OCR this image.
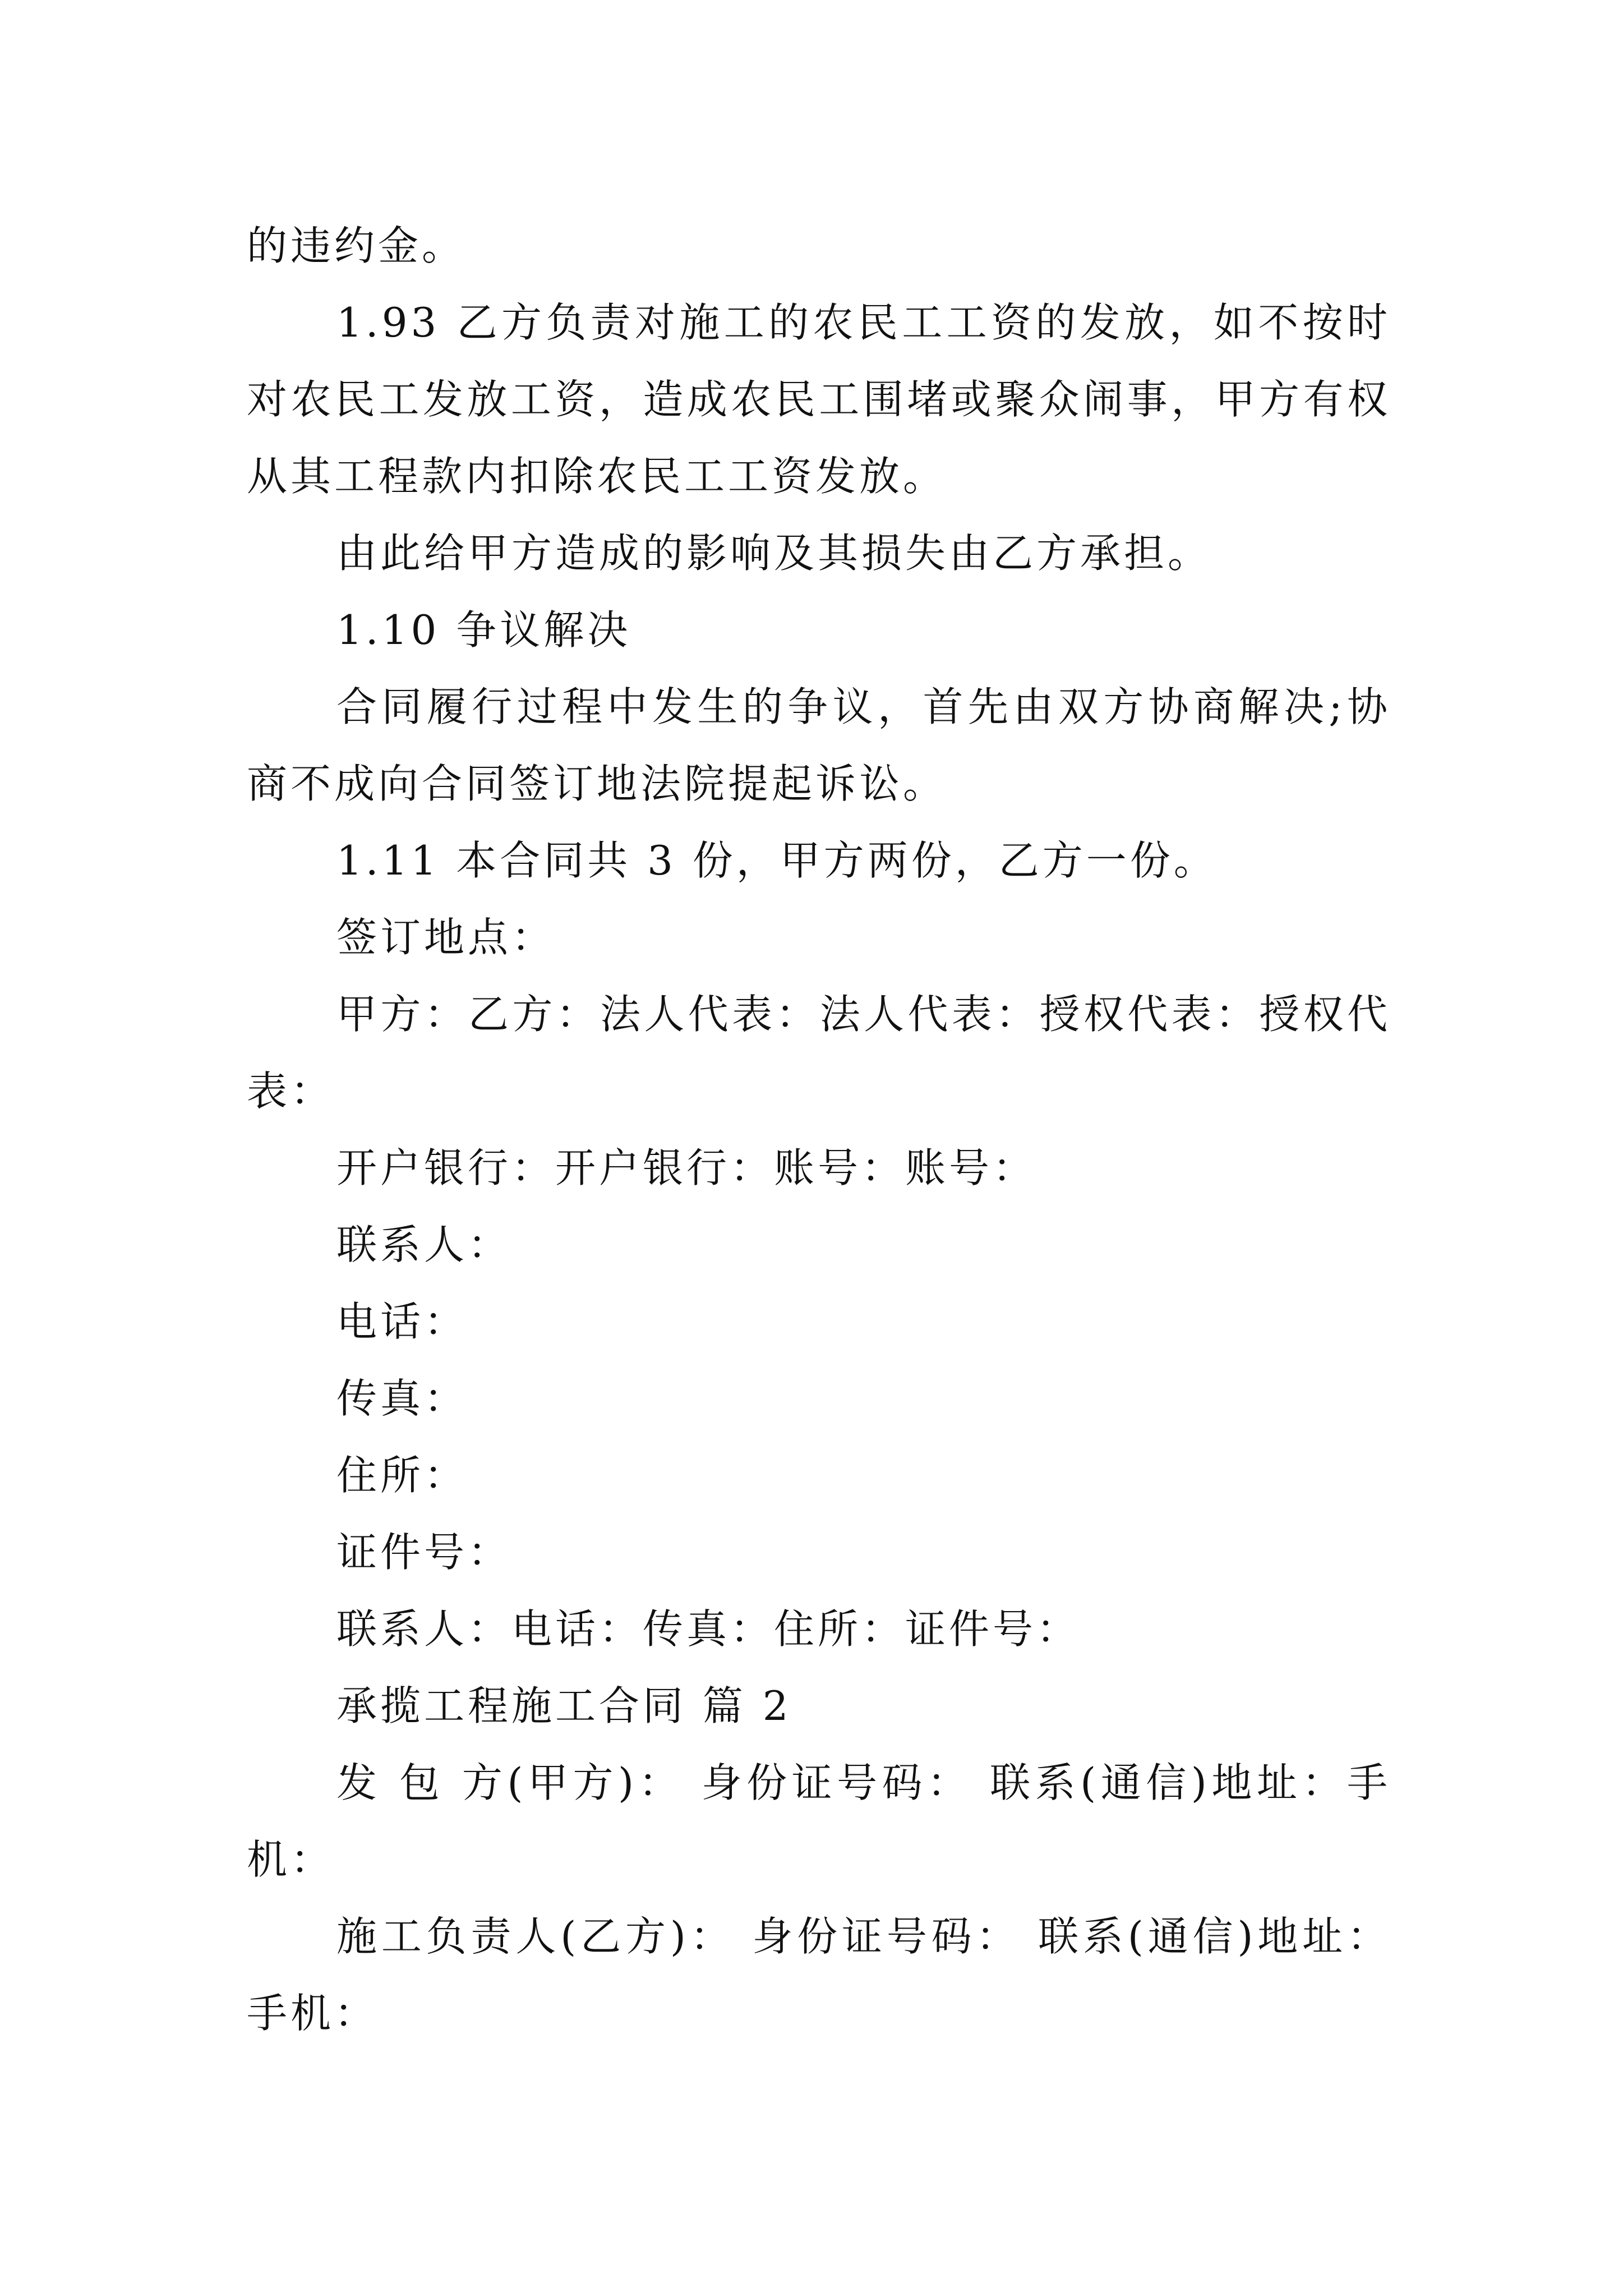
的违约金。

1.93 乙方负责对施工的农民工工资的发放，如不按时对农民工发放工资，造成农民工围堵或聚众闹事，甲方有权从其工程款内扣除农民工工资发放。

由此给甲方造成的影响及其损失由乙方承担。

1.10 争议解决

合同履行过程中发生的争议，首先由双方协商解决;协商不成向合同签订地法院提起诉讼。

1.11 本合同共 3 份，甲方两份，乙方一份。

签订地点：

甲方：乙方：法人代表：法人代表：授权代表：授权代表：

开户银行：开户银行：账号：账号：

联系人：

电话：

传真：

住所：

证件号：

联系人：电话：传真：住所：证件号：

承揽工程施工合同 篇 2

发 包 方(甲方)： 身份证号码： 联系(通信)地址：手机：

施工负责人(乙方)： 身份证号码： 联系(通信)地址：手机：
